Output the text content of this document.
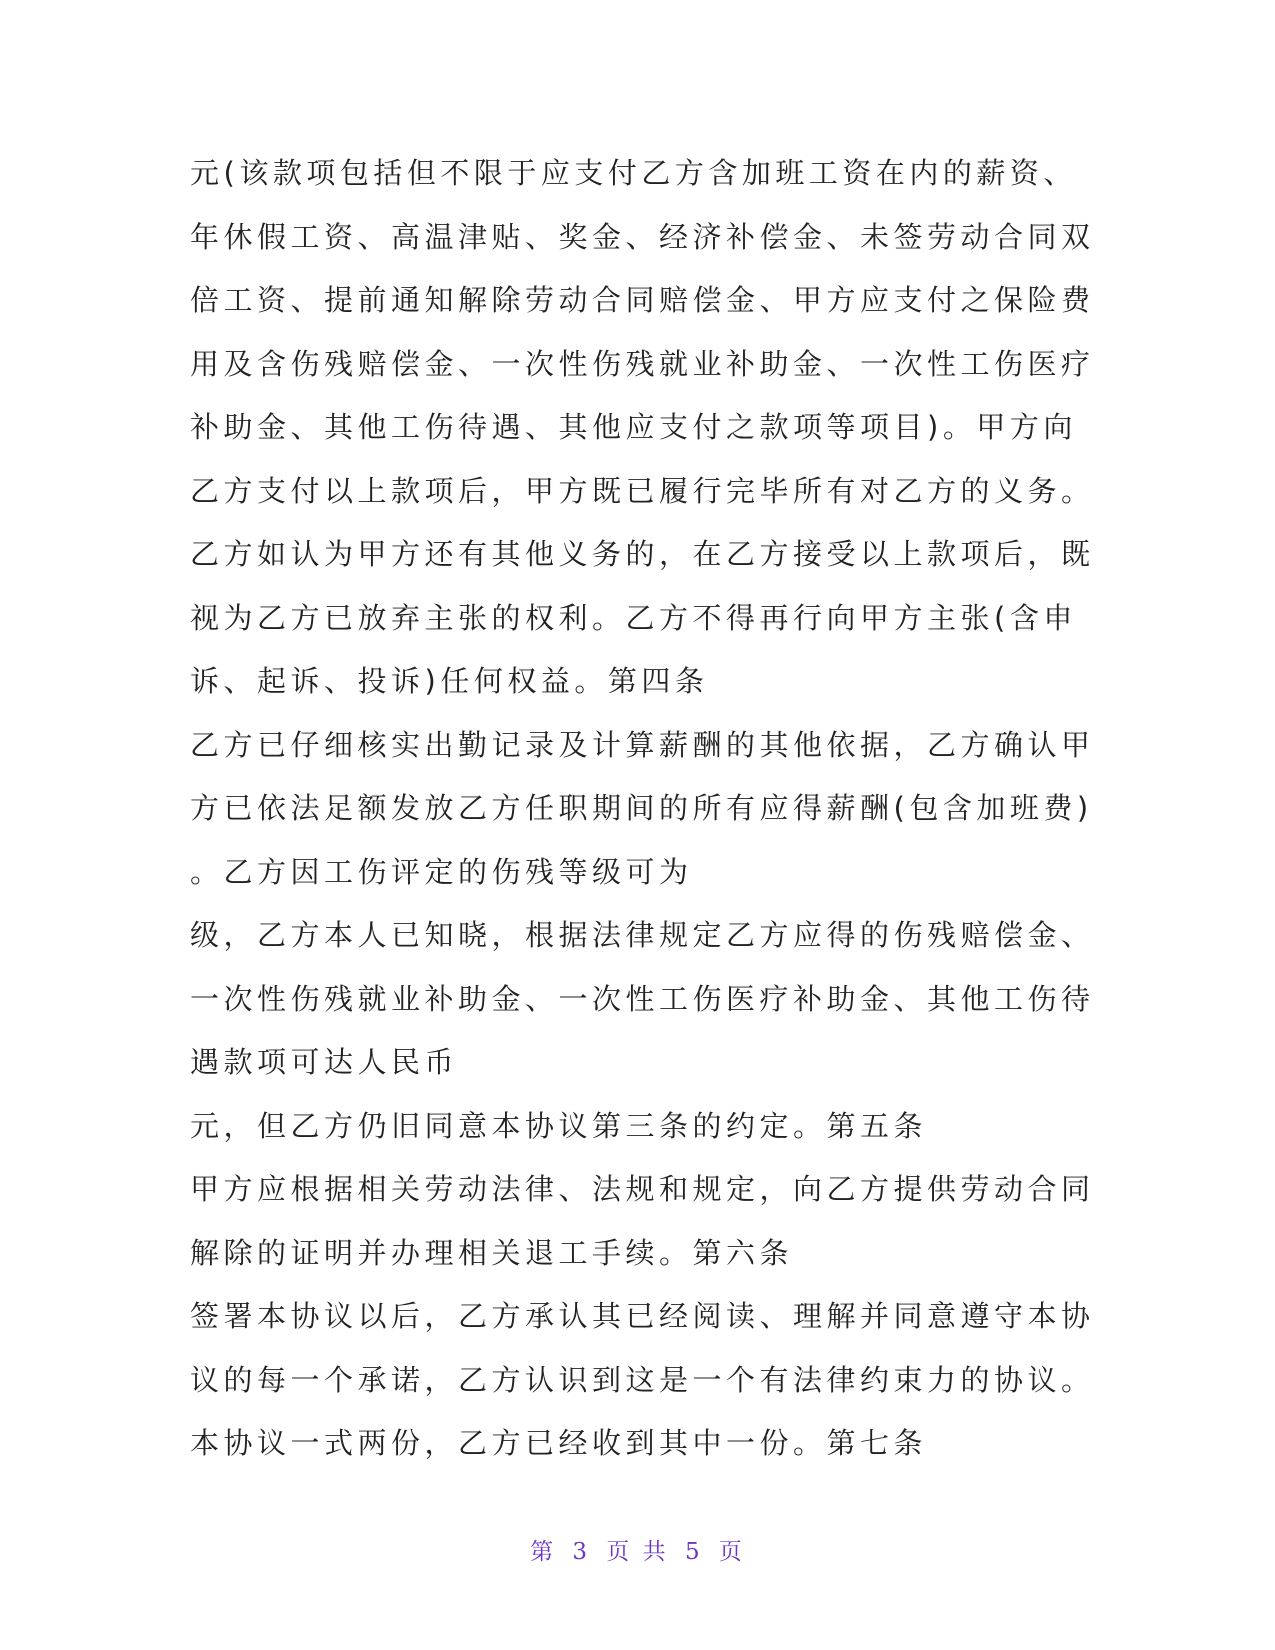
元(该款项包括但不限于应支付乙方含加班工资在内的薪资、
年休假工资、高温津贴、奖金、经济补偿金、未签劳动合同双
倍工资、提前通知解除劳动合同赔偿金、甲方应支付之保险费
用及含伤残赔偿金、一次性伤残就业补助金、一次性工伤医疗
补助金、其他工伤待遇、其他应支付之款项等项目)。甲方向
乙方支付以上款项后，甲方既已履行完毕所有对乙方的义务。
乙方如认为甲方还有其他义务的，在乙方接受以上款项后，既
视为乙方已放弃主张的权利。乙方不得再行向甲方主张(含申
诉、起诉、投诉)任何权益。第四条
乙方已仔细核实出勤记录及计算薪酬的其他依据，乙方确认甲
方已依法足额发放乙方任职期间的所有应得薪酬(包含加班费)
。乙方因工伤评定的伤残等级可为
级，乙方本人已知晓，根据法律规定乙方应得的伤残赔偿金、
一次性伤残就业补助金、一次性工伤医疗补助金、其他工伤待
遇款项可达人民币
元，但乙方仍旧同意本协议第三条的约定。第五条
甲方应根据相关劳动法律、法规和规定，向乙方提供劳动合同
解除的证明并办理相关退工手续。第六条
签署本协议以后，乙方承认其已经阅读、理解并同意遵守本协
议的每一个承诺，乙方认识到这是一个有法律约束力的协议。
本协议一式两份，乙方已经收到其中一份。第七条
第 3 页 共 5 页
